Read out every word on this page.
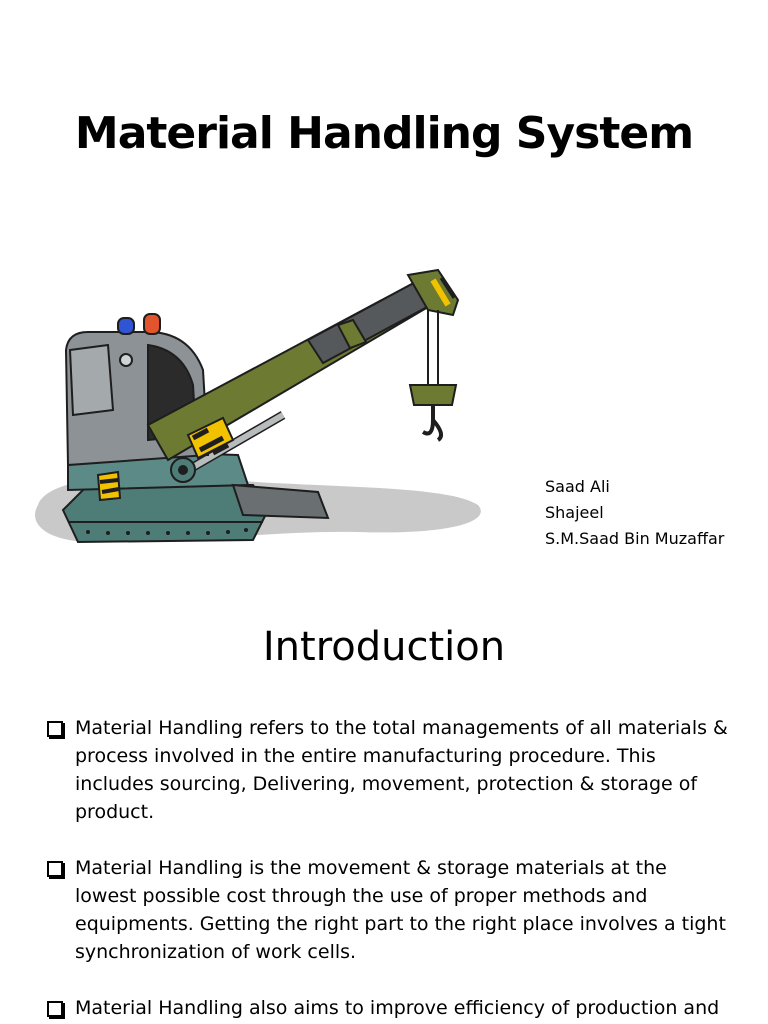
Material Handling System
Saad Ali
Shajeel
S.M.Saad Bin Muzaffar
Introduction
Material Handling refers to the total managements of all materials & process involved in the entire manufacturing procedure. This includes sourcing, Delivering, movement, protection & storage of product.
Material Handling is the movement & storage materials at the lowest possible cost through the use of proper methods and equipments. Getting the right part to the right place involves a tight synchronization of work cells.
Material Handling also aims to improve efficiency of production and
